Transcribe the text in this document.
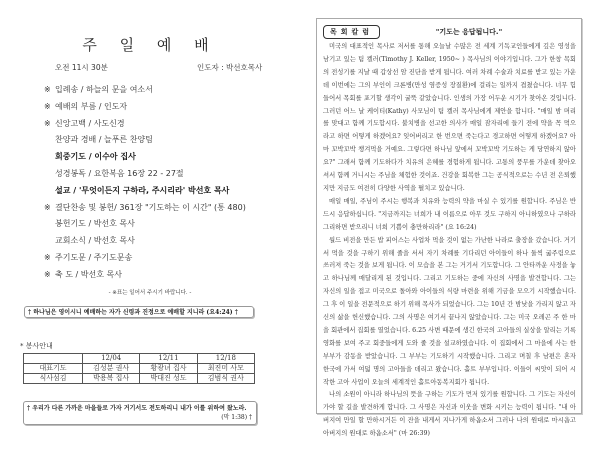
주 일 예 배
오전 11시 30분	인도자 : 박선호목사
※ 입례송 / 하늘의 문을 여소서
※ 예배의 부름 / 인도자
※ 신앙고백 / 사도신경
찬양과 경배 / 늘푸른 찬양팀
회중기도 / 이수아 집사
성경봉독 / 요한복음 16장 22 - 27절
설교 / '무엇이든지 구하라, 주시리라' 박선호 목사
※ 결단찬송 및 봉헌/ 361장 "기도하는 이 시간" (통 480)
봉헌기도 / 박선호 목사
교회소식 / 박선호 목사
※ 주기도문 / 주기도문송
※ 축 도 / 박선호 목사
- ※표는 일어서 주시기 바랍니다. -
† 하나님은 영이시니 예배하는 자가 신령과 진정으로 예배할 지니라 (요4:24) †
* 봉사안내
	12/04	12/11	12/18
대표기도	김성분 권사	황광녀 집사	최진미 사모
식사섬김	박용복 집사	박대진 성도	김범식 권사
† 우리가 다른 가까운 마을들로 가자 거기서도 전도하리니 내가 이를 위하여 왔노라.
(막 1:38) †
목회칼럼	"기도는 응답됩니다."

미국의 대표적인 목사로 저서를 통해 오늘날 수많은 전 세계 기독교인들에게 깊은 영성을 남기고 있는 팀 켈러(Timothy J. Keller, 1950~ ) 목사님의 이야기입니다. 그가 한창 목회의 전성기를 지날 때 갑상선 암 진단을 받게 됩니다. 여러 차례 수술과 치료를 받고 있는 가운데 이번에는 그의 부인이 크론병(만성 염증성 장질환)에 걸리는 일까지 겹쳤습니다. 너무 힘들어서 목회를 포기할 생각이 굴뚝 같았습니다. 인생의 가장 어두운 시기가 찾아온 것입니다. 그러던 어느 날 케이티(Kathy) 사모님이 팀 켈러 목사님에게 제안을 합니다. "매일 밤 머리를 맞대고 함께 기도합시다. 불치병을 선고한 의사가 매일 잠자리에 들기 전에 약을 꼭 먹으라고 하면 어떻게 하겠어요? 잊어버리고 한 번으면 죽는다고 경고하면 어떻게 하겠어요? 아마 꼬박꼬박 챙겨먹을 거예요. 그렇다면 하나님 앞에서 꼬박꼬박 기도하는 게 당연하지 않아요?" 그래서 함께 기도하다가 치유의 은혜를 경험하게 됩니다. 고통의 풍무를 가운데 찾아오셔서 함께 거니시는 주님을 체험한 것이죠. 건강을 회복한 그는 공식적으로는 수년 전 은퇴했지만 지금도 여전히 다양한 사역을 펼치고 있습니다.

매일 매일, 주님이 주시는 행복과 치유와 능력의 약을 마실 수 있기를 원합니다. 주님은 반드시 응답하십니다. "지금까지는 너희가 내 이름으로 아무 것도 구하지 아니하였으나 구하라 그리하면 받으리니 너희 기쁨이 충만하리라" (요 16:24)

월드 비전을 만든 밥 피어스는 사업차 먹을 것이 없는 가난한 나라로 출장을 갔습니다. 거기서 먹을 것을 구하기 위해 줄을 서서 자기 차례를 기다리던 아이들이 하나 둘씩 굶주림으로 쓰러져 죽는 것을 보게 됩니다. 이 모습을 본 그는 거기서 기도합니다. 그 안타까운 사정을 놓고 하나님께 매달리게 된 것입니다. 그리고 기도하는 중에 자신의 사명을 발견합니다. 그는 자신의 일을 접고 미국으로 돌아와 아이들의 식량 마련을 위해 기금을 모으기 시작했습니다. 그 후 이 일을 전문적으로 하기 위해 목사가 되었습니다. 그는 10년 간 밤낮을 가리지 않고 자신의 삶을 헌신했습니다. 그의 사명은 여기서 끝나지 않았습니다. 그는 미국 오레곤 주 한 마을 회관에서 집회를 열었습니다. 6.25 사변 때문에 생긴 한국의 고아들의 실상을 알리는 기록 영화를 보여 주고 회중들에게 도와 줄 것을 설교하였습니다. 이 집회에서 그 마을에 사는 한 부부가 감동을 받았습니다. 그 부부는 기도하기 시작했습니다. 그리고 며칠 후 남편은 혼자 한국에 가서 여덟 명의 고아들을 데리고 왔습니다. 홀트 부부입니다. 이들이 씨앗이 되어 시작한 고아 사업이 오늘의 세계적인 홀트아동복지회가 됩니다.

나의 소원이 아니라 하나님의 뜻을 구하는 기도가 먼저 있기를 원합니다. 그 기도는 자신이 가야 할 길을 발견하게 합니다. 그 사명은 자신과 이웃을 변화 시키는 능력이 됩니다. "내 아버지여 만일 할 만하시거든 이 잔을 내게서 지나가게 하옵소서 그러나 나의 원대로 마시옵고 아버지의 원대로 하옵소서" (마 26:39)
